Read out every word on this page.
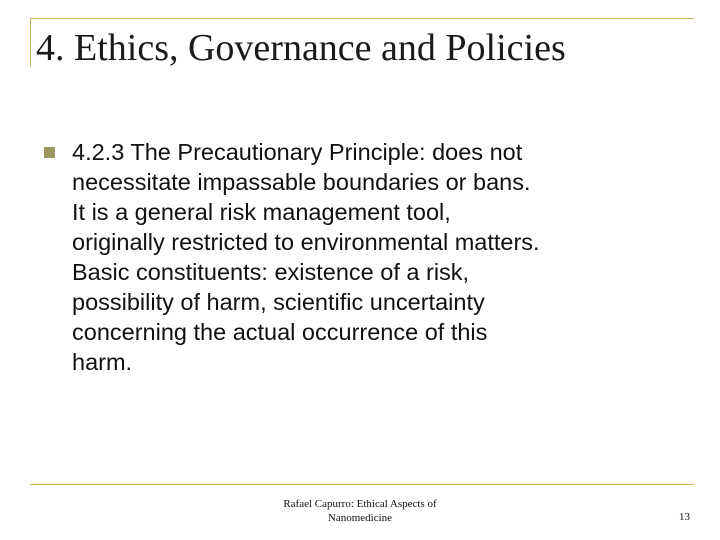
4. Ethics, Governance and Policies
4.2.3 The Precautionary Principle: does not
necessitate impassable boundaries or bans.
It is a general risk management tool,
originally restricted to environmental matters.
Basic constituents: existence of a risk,
possibility of harm, scientific uncertainty
concerning the actual occurrence of this
harm.
Rafael Capurro: Ethical Aspects of
Nanomedicine	13
